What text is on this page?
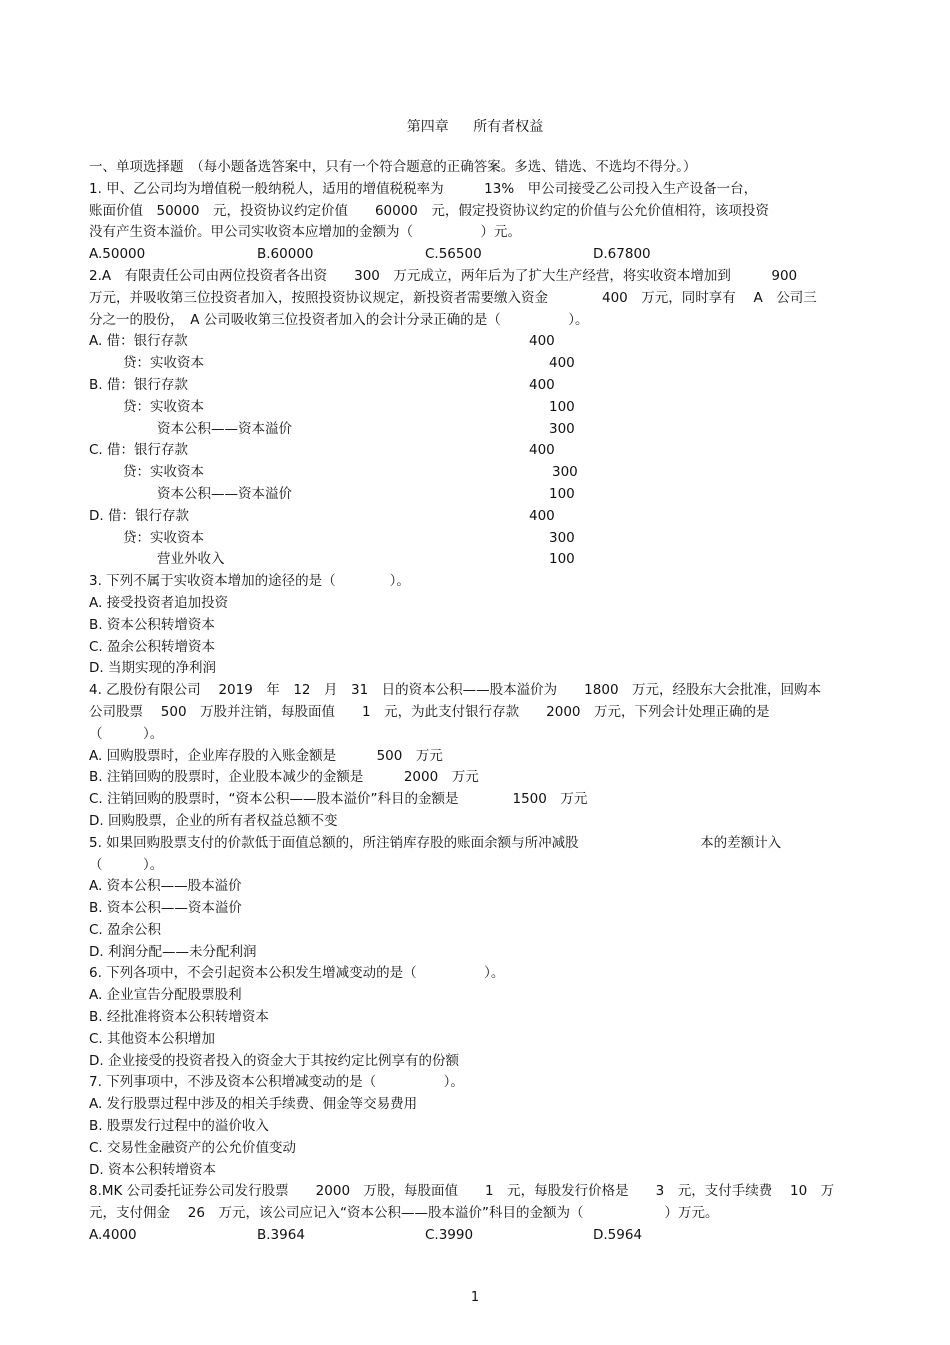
第四章 所有者权益
一、单项选择题　（每小题备选答案中，只有一个符合题意的正确答案。多选、错选、不选均不得分。）
1. 甲、乙公司均为增值税一般纳税人，适用的增值税税率为　　　13%　甲公司接受乙公司投入生产设备一台，
账面价值　50000　元，投资协议约定价值　　60000　元，假定投资协议约定的价值与公允价值相符，该项投资
没有产生资本溢价。甲公司实收资本应增加的金额为（　　　　　）元。
A.50000	B.60000	C.56500	D.67800
2.A　有限责任公司由两位投资者各出资　　300　万元成立，两年后为了扩大生产经营，将实收资本增加到　　　900
万元，并吸收第三位投资者加入，按照投资协议规定，新投资者需要缴入资金　　　　400　万元，同时享有　 A　公司三
分之一的股份，　A 公司吸收第三位投资者加入的会计分录正确的是（　　　　　）。
A. 借：银行存款	400
贷：实收资本	400
B. 借：银行存款	400
贷：实收资本	100
资本公积——资本溢价	300
C. 借：银行存款	400
贷：实收资本	300
资本公积——资本溢价	100
D. 借：银行存款	400
贷：实收资本	300
营业外收入	100
3. 下列不属于实收资本增加的途径的是（　　　　）。
A. 接受投资者追加投资
B. 资本公积转增资本
C. 盈余公积转增资本
D. 当期实现的净利润
4. 乙股份有限公司　 2019　年　12　月　31　日的资本公积——股本溢价为　　1800　万元，经股东大会批准，回购本
公司股票　 500　万股并注销，每股面值　　1　元，为此支付银行存款　　2000　万元，下列会计处理正确的是
（　　　）。
A. 回购股票时，企业库存股的入账金额是　　　500　万元
B. 注销回购的股票时，企业股本减少的金额是　　　2000　万元
C. 注销回购的股票时，“资本公积——股本溢价”科目的金额是　　　　1500　万元
D. 回购股票，企业的所有者权益总额不变
5. 如果回购股票支付的价款低于面值总额的，所注销库存股的账面余额与所冲减股　　　　　　　　　本的差额计入
（　　　）。
A. 资本公积——股本溢价
B. 资本公积——资本溢价
C. 盈余公积
D. 利润分配——未分配利润
6. 下列各项中，不会引起资本公积发生增减变动的是（　　　　　）。
A. 企业宣告分配股票股利
B. 经批准将资本公积转增资本
C. 其他资本公积增加
D. 企业接受的投资者投入的资金大于其按约定比例享有的份额
7. 下列事项中，不涉及资本公积增减变动的是（　　　　　）。
A. 发行股票过程中涉及的相关手续费、佣金等交易费用
B. 股票发行过程中的溢价收入
C. 交易性金融资产的公允价值变动
D. 资本公积转增资本
8.MK 公司委托证券公司发行股票　　2000　万股，每股面值　　1　元，每股发行价格是　　3　元，支付手续费　 10　万
元，支付佣金　 26　万元，该公司应记入“资本公积——股本溢价”科目的金额为（　　　　　　）万元。
A.4000	B.3964	C.3990	D.5964
1
